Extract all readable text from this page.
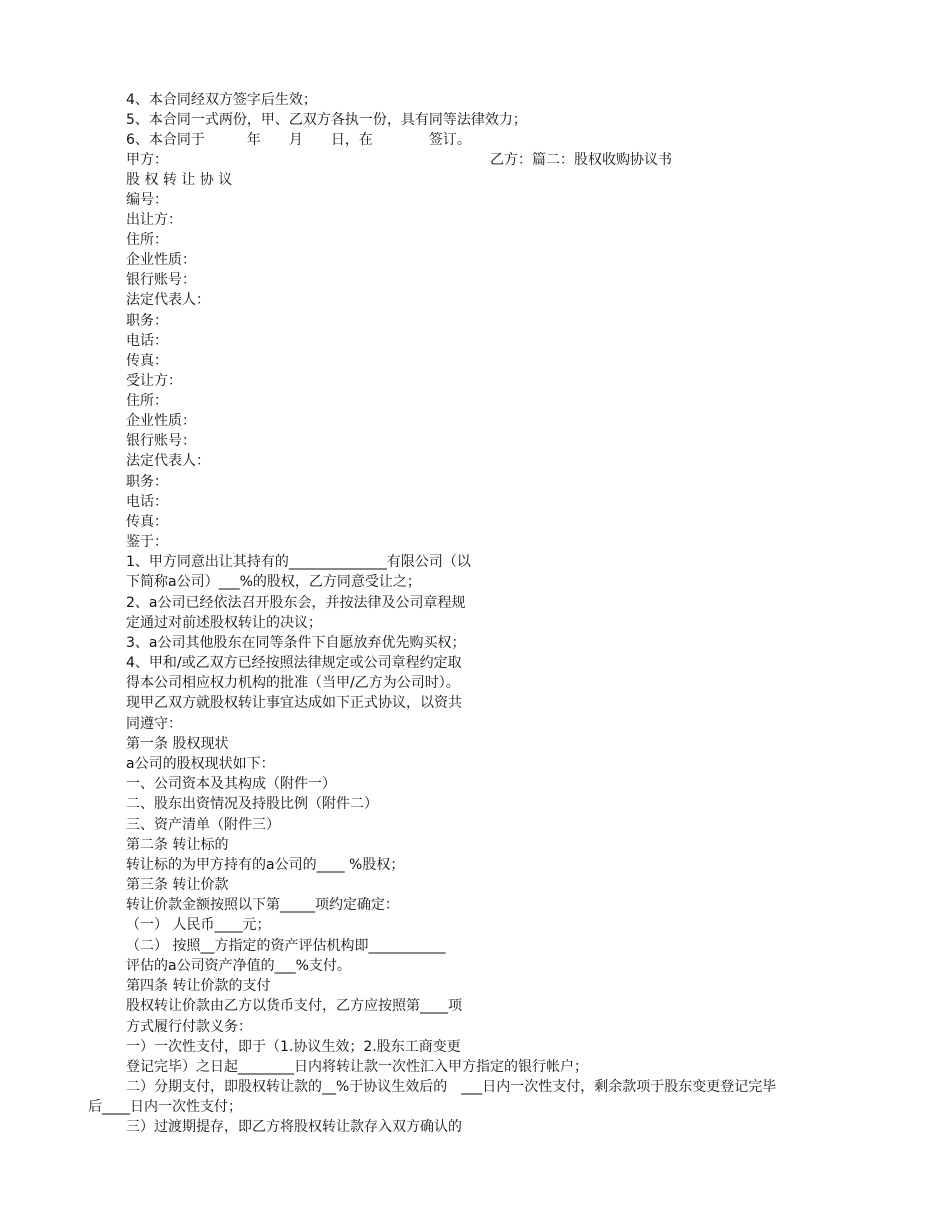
4、本合同经双方签字后生效；
5、本合同一式两份，甲、乙双方各执一份，具有同等法律效力；
6、本合同于　　　年　　月　　日，在　　　　签订。
甲方：
股 权 转 让 协 议
编号：
出让方：
住所：
企业性质：
银行账号：
法定代表人：
职务：
电话：
传真：
受让方：
住所：
企业性质：
银行账号：
法定代表人：
职务：
电话：
传真：
鉴于：
1、甲方同意出让其持有的______________有限公司（以
下简称a公司）___%的股权，乙方同意受让之；
2、a公司已经依法召开股东会，并按法律及公司章程规
定通过对前述股权转让的决议；
3、a公司其他股东在同等条件下自愿放弃优先购买权；
4、甲和/或乙双方已经按照法律规定或公司章程约定取
得本公司相应权力机构的批准（当甲/乙方为公司时）。
现甲乙双方就股权转让事宜达成如下正式协议，以资共
同遵守：
第一条 股权现状
a公司的股权现状如下：
一、公司资本及其构成（附件一）
二、股东出资情况及持股比例（附件二）
三、资产清单（附件三）
第二条 转让标的
转让标的为甲方持有的a公司的____ %股权；
第三条 转让价款
转让价款金额按照以下第_____项约定确定：
（一） 人民币____元；
（二） 按照__方指定的资产评估机构即___________
评估的a公司资产净值的___%支付。
第四条 转让价款的支付
股权转让价款由乙方以货币支付，乙方应按照第____项
方式履行付款义务：
一）一次性支付，即于（1.协议生效；2.股东工商变更
登记完毕）之日起________日内将转让款一次性汇入甲方指定的银行帐户；
二）分期支付，即股权转让款的__%于协议生效后的　___日内一次性支付，剩余款项于股东变更登记完毕
后____日内一次性支付；
三）过渡期提存，即乙方将股权转让款存入双方确认的
乙方：篇二：股权收购协议书
